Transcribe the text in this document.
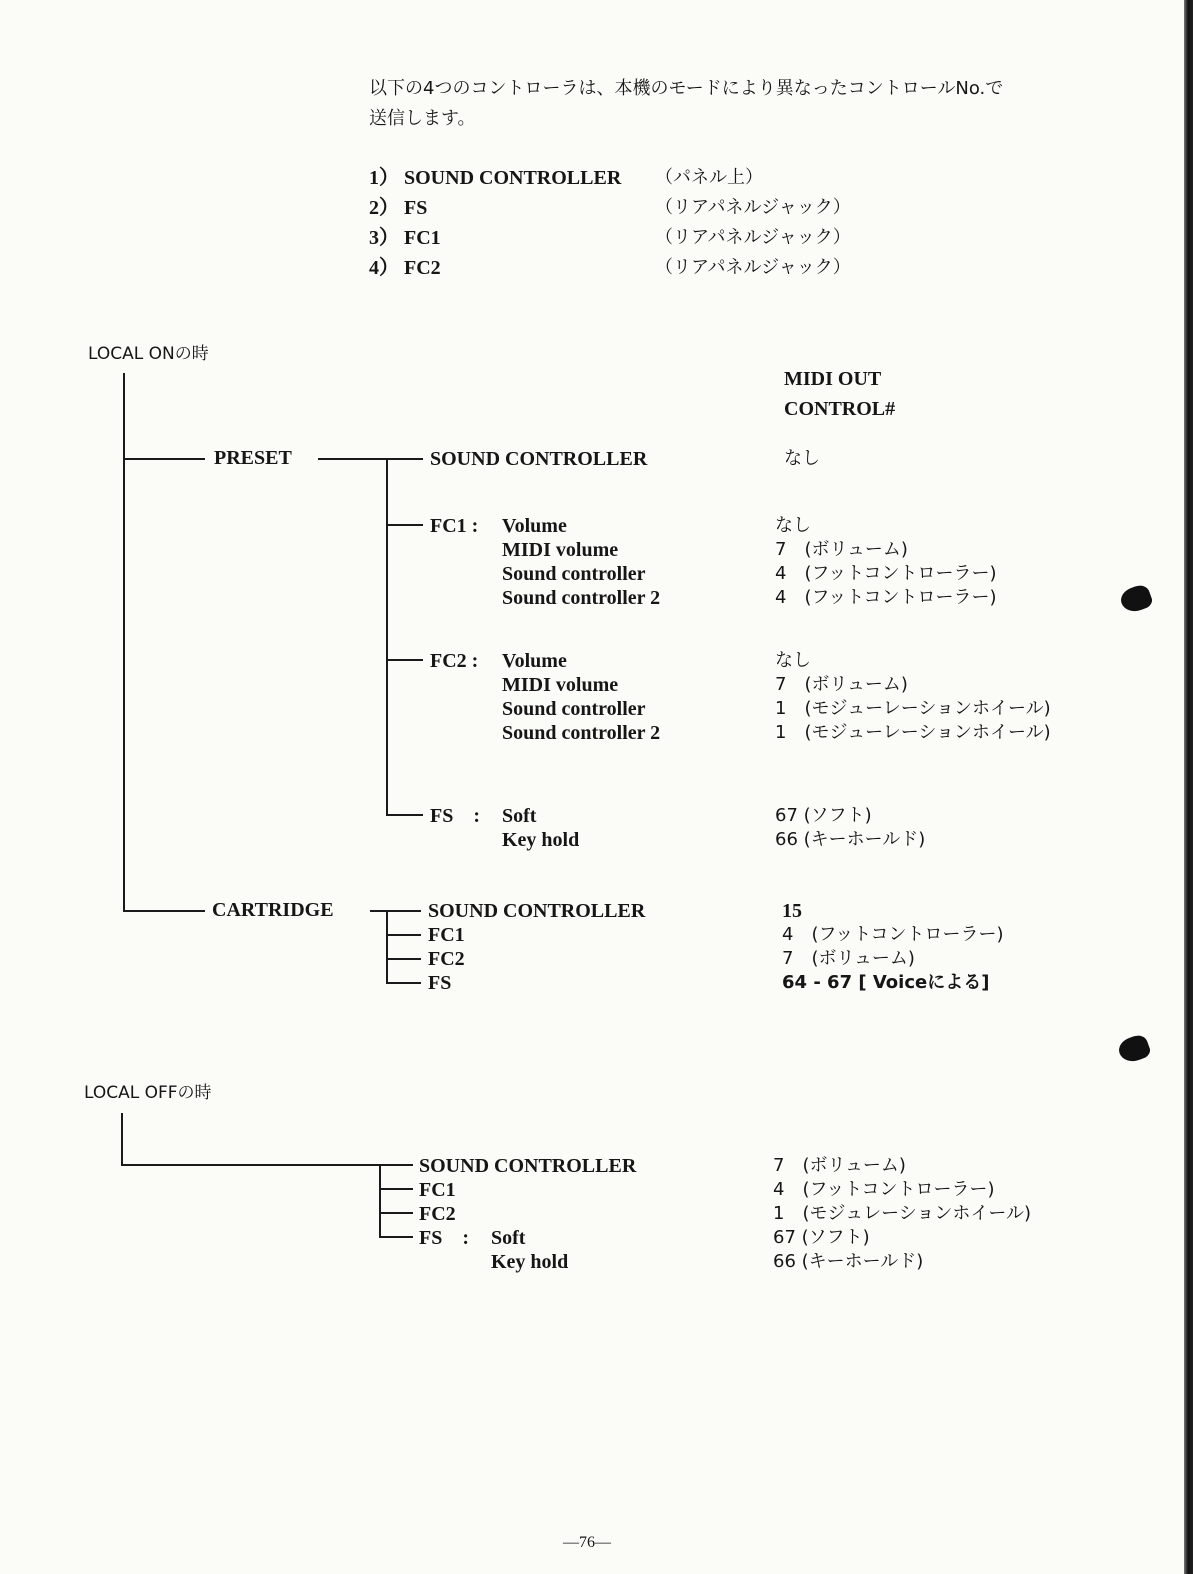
以下の4つのコントローラは、本機のモードにより異なったコントロールNo.で
送信します。
1） SOUND CONTROLLER （パネル上）
2） FS	（リアパネルジャック）
3） FC1	（リアパネルジャック）
4） FC2	（リアパネルジャック）
LOCAL ONの時
MIDI OUT
CONTROL#
PRESET
CARTRIDGE
SOUND CONTROLLER	なし
FC1 : Volume	なし
MIDI volume	7　(ボリューム)
Sound controller	4　(フットコントローラー)
Sound controller 2	4　(フットコントローラー)
FC2 : Volume	なし
MIDI volume	7　(ボリューム)
Sound controller	1　(モジューレーションホイール)
Sound controller 2	1　(モジューレーションホイール)
FS　: Soft	67 (ソフト)
Key hold	66 (キーホールド)
SOUND CONTROLLER	15
FC1	4　(フットコントローラー)
FC2	7　(ボリューム)
FS	64 - 67 [ Voiceによる]
LOCAL OFFの時
SOUND CONTROLLER	7　(ボリューム)
FC1	4　(フットコントローラー)
FC2	1　(モジュレーションホイール)
FS　: Soft	67 (ソフト)
Key hold	66 (キーホールド)
—76—
